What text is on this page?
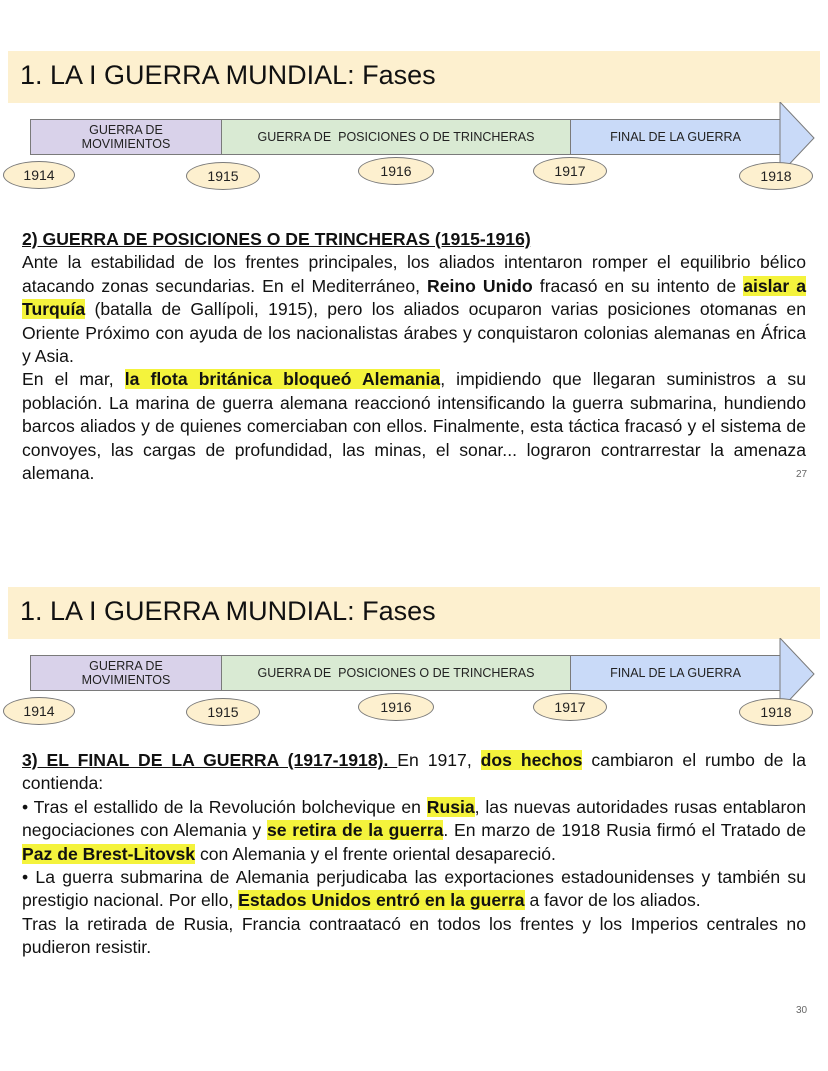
1. LA I GUERRA MUNDIAL: Fases
GUERRA DE
MOVIMIENTOS	GUERRA DE  POSICIONES O DE TRINCHERAS	FINAL DE LA GUERRA
1914	1915	1916	1917	1918

2) GUERRA DE POSICIONES O DE TRINCHERAS (1915-1916)

Ante la estabilidad de los frentes principales, los aliados intentaron romper el equilibrio bélico atacando zonas secundarias. En el Mediterráneo, Reino Unido fracasó en su intento de aislar a Turquía (batalla de Gallípoli, 1915), pero los aliados ocuparon varias posiciones otomanas en Oriente Próximo con ayuda de los nacionalistas árabes y conquistaron colonias alemanas en África y Asia.

En el mar, la flota británica bloqueó Alemania, impidiendo que llegaran suministros a su población. La marina de guerra alemana reaccionó intensificando la guerra submarina, hundiendo barcos aliados y de quienes comerciaban con ellos. Finalmente, esta táctica fracasó y el sistema de convoyes, las cargas de profundidad, las minas, el sonar... lograron contrarrestar la amenaza alemana.	27
1. LA I GUERRA MUNDIAL: Fases
GUERRA DE
MOVIMIENTOS	GUERRA DE  POSICIONES O DE TRINCHERAS	FINAL DE LA GUERRA
1914	1915	1916	1917	1918

3) EL FINAL DE LA GUERRA (1917-1918). En 1917, dos hechos cambiaron el rumbo de la contienda:

• Tras el estallido de la Revolución bolchevique en Rusia, las nuevas autoridades rusas entablaron negociaciones con Alemania y se retira de la guerra. En marzo de 1918 Rusia firmó el Tratado de Paz de Brest-Litovsk con Alemania y el frente oriental desapareció.

• La guerra submarina de Alemania perjudicaba las exportaciones estadounidenses y también su prestigio nacional. Por ello, Estados Unidos entró en la guerra a favor de los aliados.

Tras la retirada de Rusia, Francia contraatacó en todos los frentes y los Imperios centrales no pudieron resistir.

30
